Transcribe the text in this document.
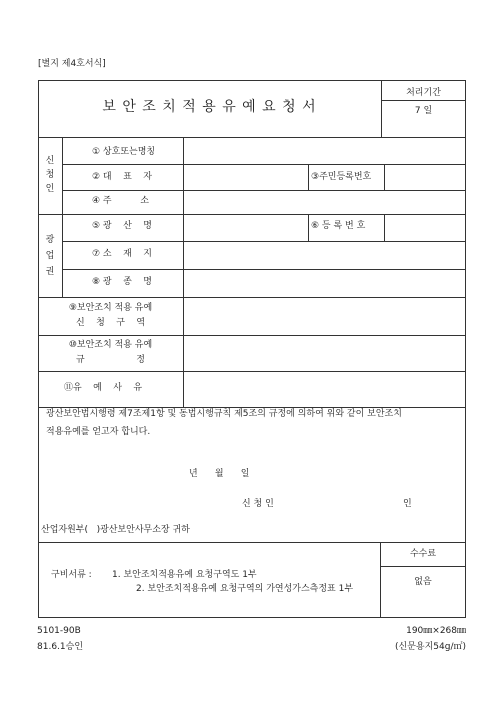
[별지 제4호서식]
보 안 조 치 적 용 유 예 요 청 서
처리기간
7 일
신
청
인
① 상호또는명칭
② 대    표    자	③주민등록번호
④ 주          소
광
업
권
⑤ 광    산    명	⑥ 등 록 번 호
⑦ 소    재    지
⑧ 광    종    명
⑨보안조치 적용 유예
신    청    구    역
⑩보안조치 적용 유예
규                  정
⑪유    예    사    유
광산보안법시행령 제7조제1항 및 동법시행규칙 제5조의 규정에 의하여 위와 같이 보안조치
적용유예를 얻고자 합니다.
년      월      일
신 청 인	인
산업자원부(   )광산보안사무소장 귀하
수수료
없음
구비서류 : 1. 보안조치적용유예 요청구역도 1부
2. 보안조치적용유예 요청구역의 가연성가스측정표 1부
5101-90B
81.6.1승인
190㎜×268㎜
(신문용지54g/㎡)
